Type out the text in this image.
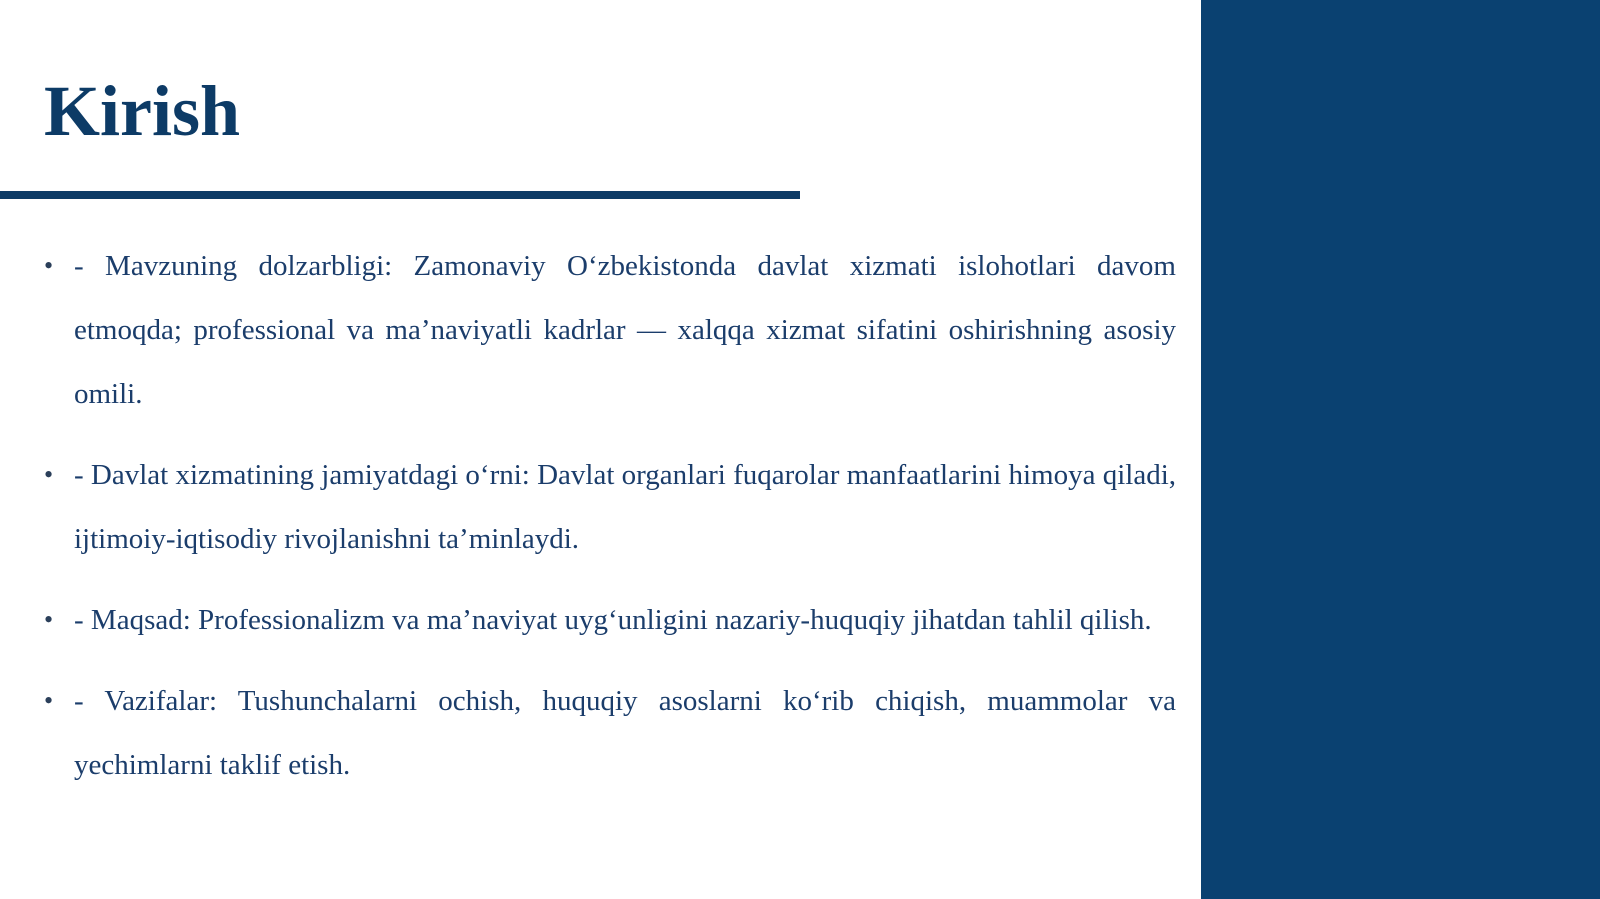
Kirish
• - Mavzuning dolzarbligi: Zamonaviy O‘zbekistonda davlat xizmati islohotlari davom etmoqda; professional va ma’naviyatli kadrlar — xalqqa xizmat sifatini oshirishning asosiy omili.
• - Davlat xizmatining jamiyatdagi o‘rni: Davlat organlari fuqarolar manfaatlarini himoya qiladi, ijtimoiy-iqtisodiy rivojlanishni ta’minlaydi.
• - Maqsad: Professionalizm va ma’naviyat uyg‘unligini nazariy-huquqiy jihatdan tahlil qilish.
• - Vazifalar: Tushunchalarni ochish, huquqiy asoslarni ko‘rib chiqish, muammolar va yechimlarni taklif etish.
